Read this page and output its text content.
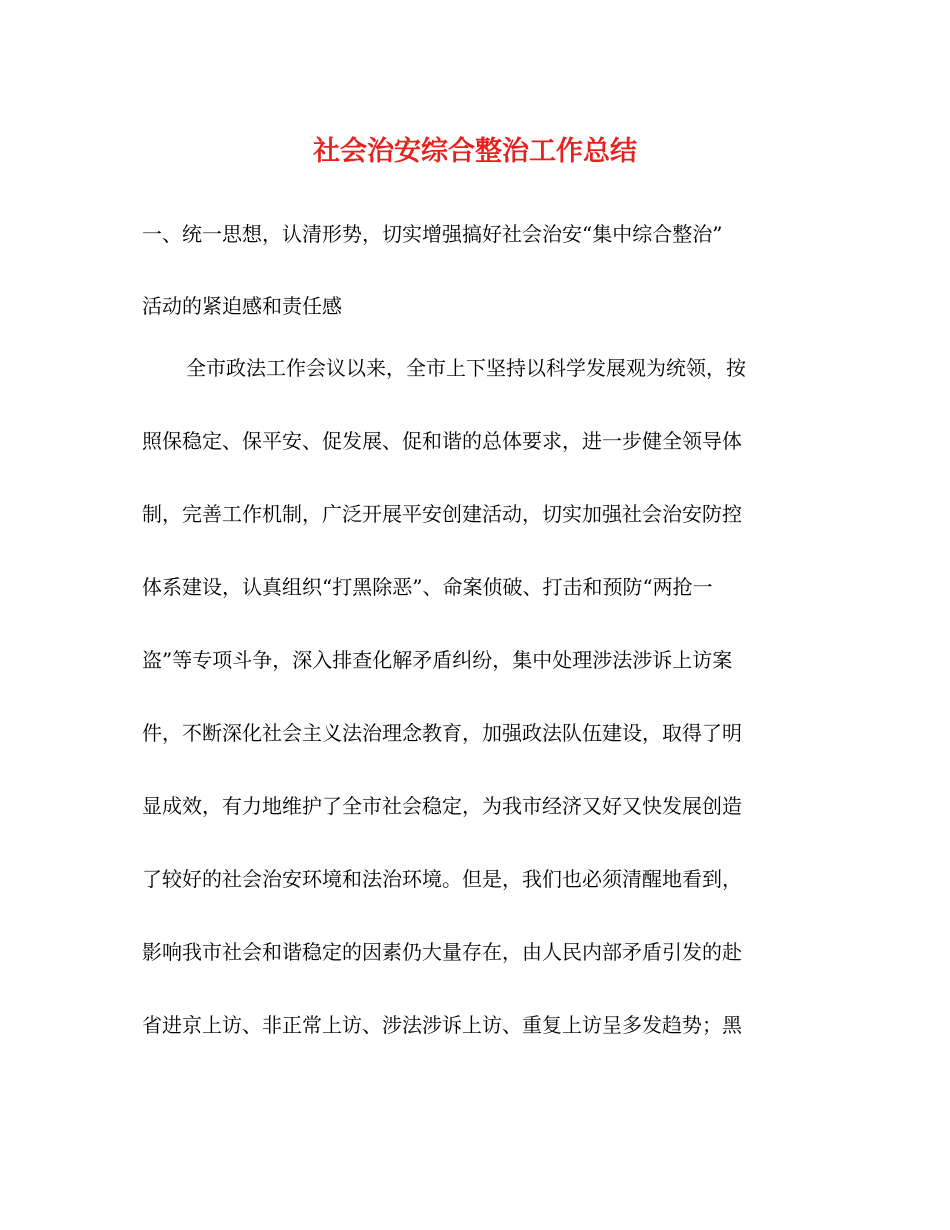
社会治安综合整治工作总结

一、统一思想，认清形势，切实增强搞好社会治安“集中综合整治”

活动的紧迫感和责任感

全市政法工作会议以来，全市上下坚持以科学发展观为统领，按

照保稳定、保平安、促发展、促和谐的总体要求，进一步健全领导体

制，完善工作机制，广泛开展平安创建活动，切实加强社会治安防控

体系建设，认真组织“打黑除恶”、命案侦破、打击和预防“两抢一

盗”等专项斗争，深入排查化解矛盾纠纷，集中处理涉法涉诉上访案

件，不断深化社会主义法治理念教育，加强政法队伍建设，取得了明

显成效，有力地维护了全市社会稳定，为我市经济又好又快发展创造

了较好的社会治安环境和法治环境。但是，我们也必须清醒地看到，

影响我市社会和谐稳定的因素仍大量存在，由人民内部矛盾引发的赴

省进京上访、非正常上访、涉法涉诉上访、重复上访呈多发趋势；黑
